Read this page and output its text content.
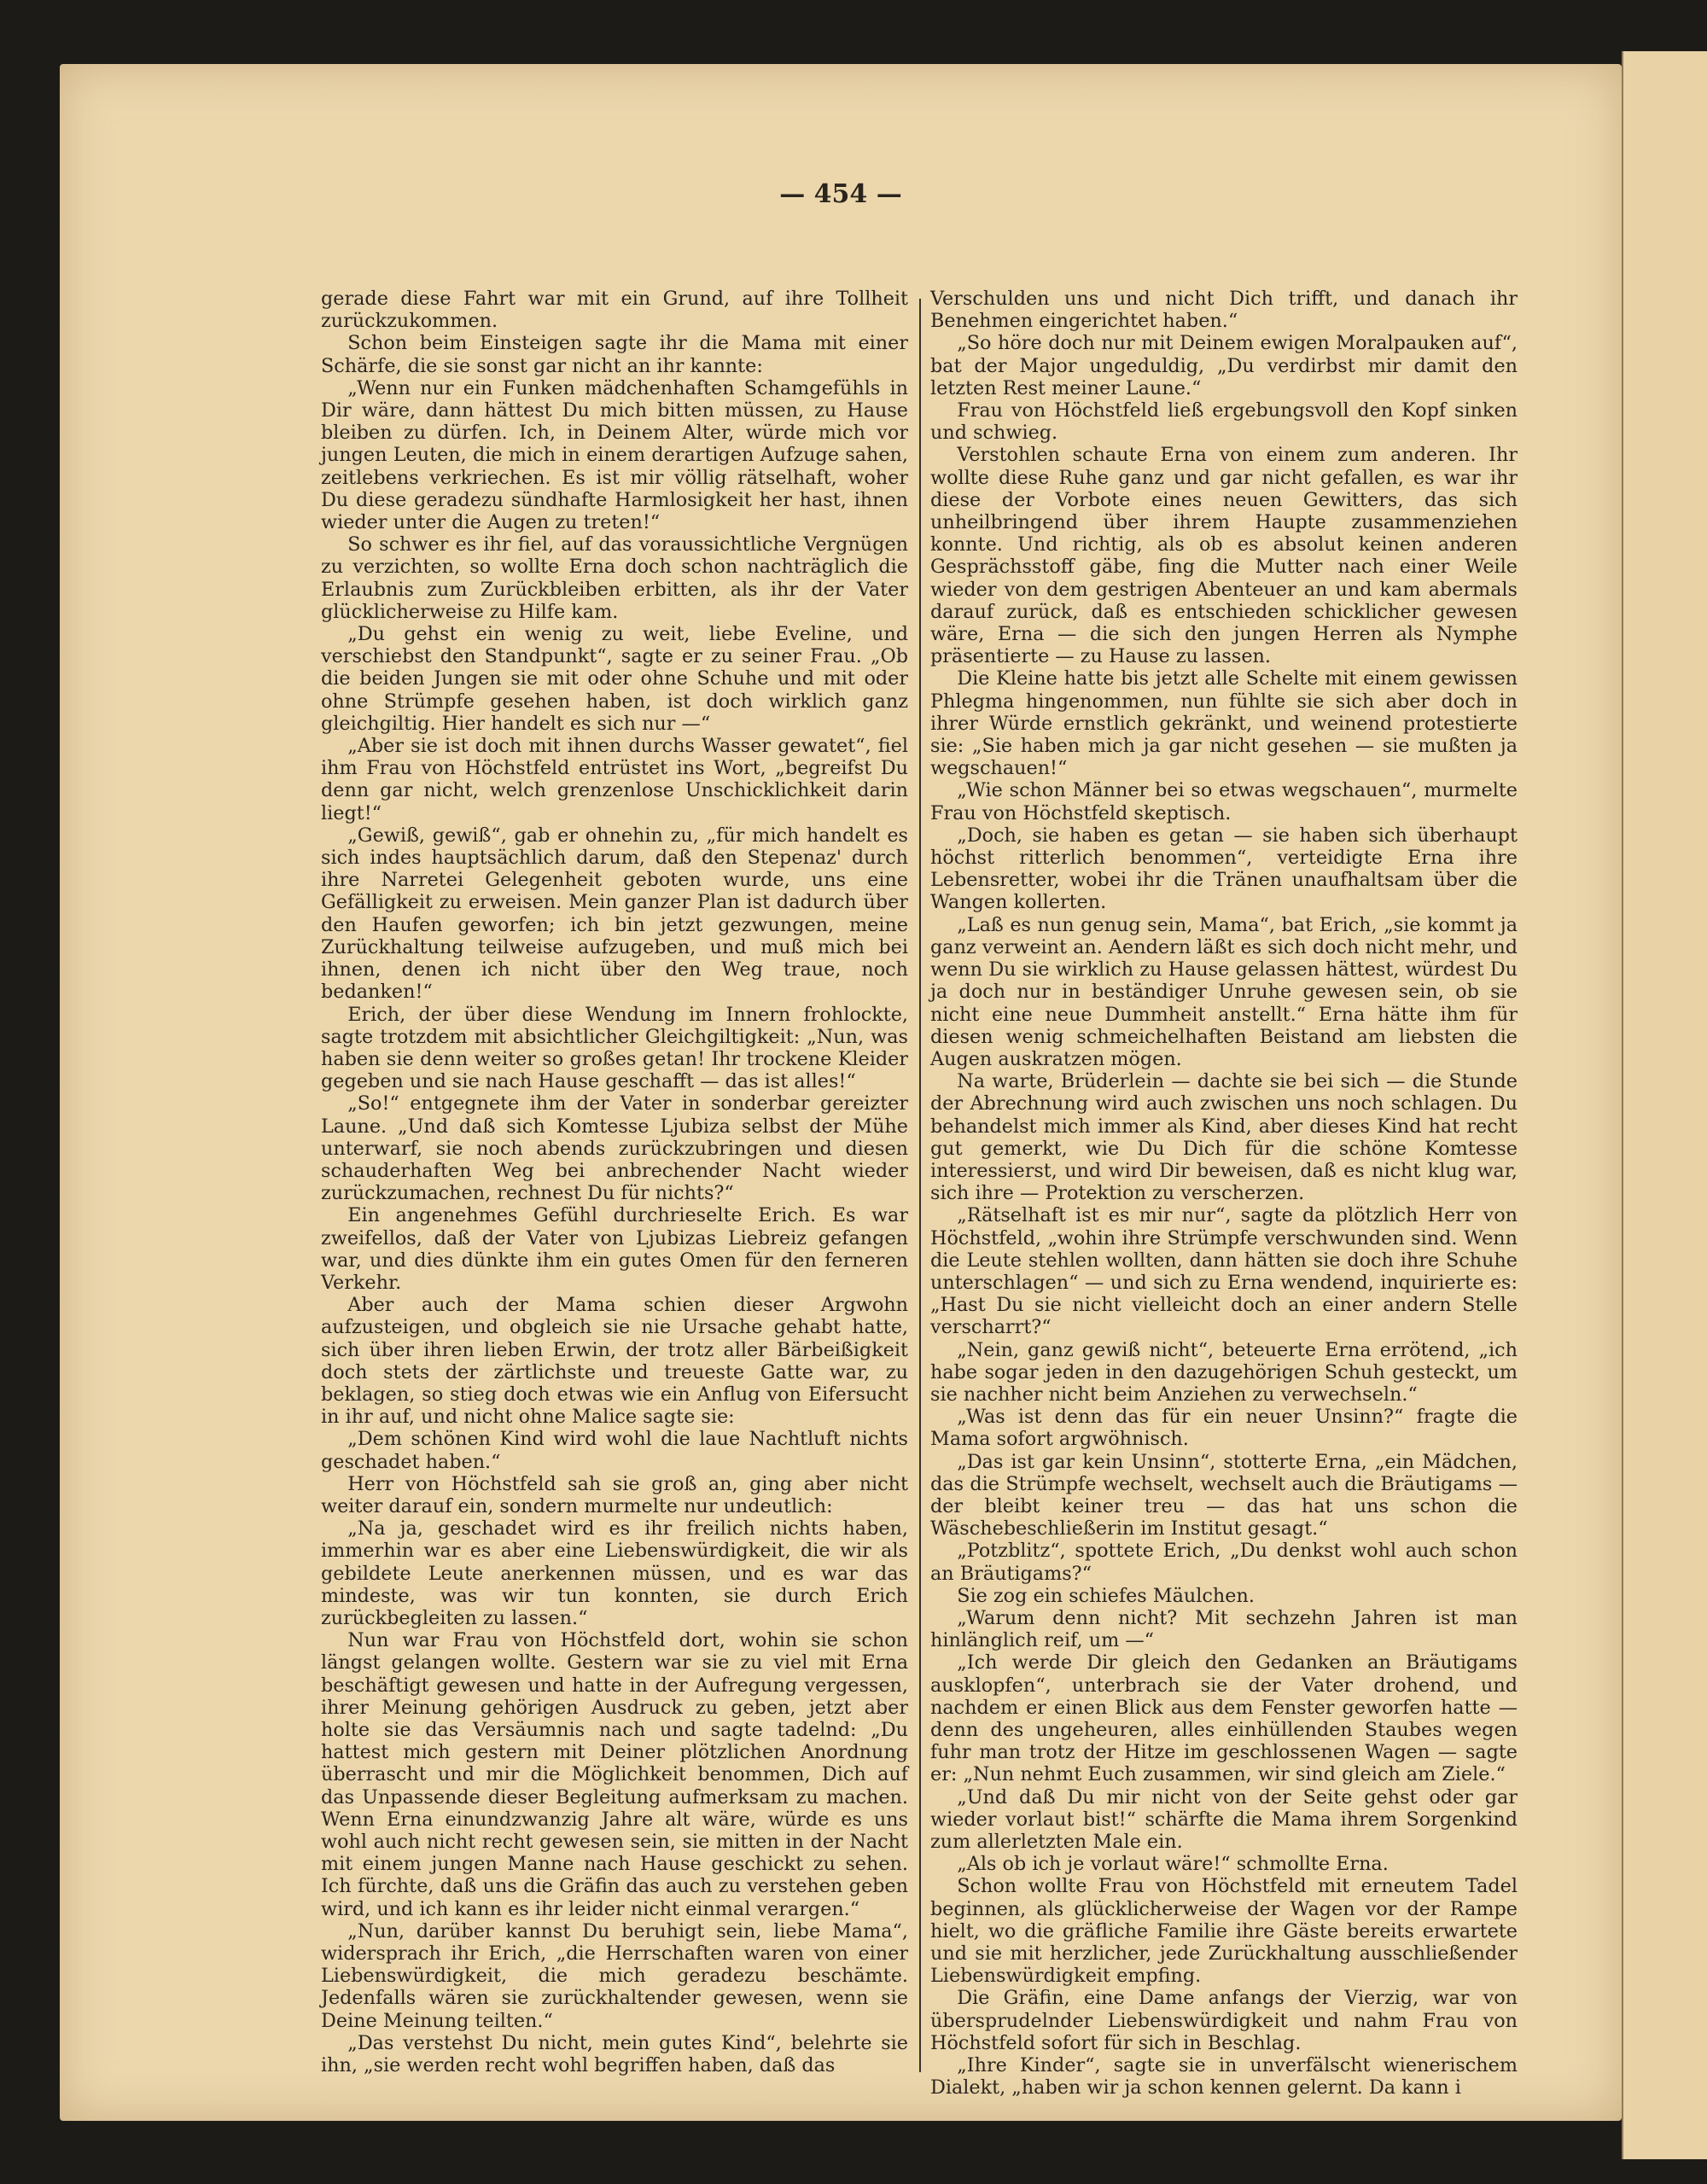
— 454 —

gerade diese Fahrt war mit ein Grund, auf ihre Tollheit zurückzukommen.

Schon beim Einsteigen sagte ihr die Mama mit einer Schärfe, die sie sonst gar nicht an ihr kannte:

„Wenn nur ein Funken mädchenhaften Schamgefühls in Dir wäre, dann hättest Du mich bitten müssen, zu Hause bleiben zu dürfen. Ich, in Deinem Alter, würde mich vor jungen Leuten, die mich in einem derartigen Aufzuge sahen, zeitlebens verkriechen. Es ist mir völlig rätselhaft, woher Du diese geradezu sündhafte Harmlosigkeit her hast, ihnen wieder unter die Augen zu treten!“

So schwer es ihr fiel, auf das voraussichtliche Vergnügen zu verzichten, so wollte Erna doch schon nachträglich die Erlaubnis zum Zurückbleiben erbitten, als ihr der Vater glücklicherweise zu Hilfe kam.

„Du gehst ein wenig zu weit, liebe Eveline, und verschiebst den Standpunkt“, sagte er zu seiner Frau. „Ob die beiden Jungen sie mit oder ohne Schuhe und mit oder ohne Strümpfe gesehen haben, ist doch wirklich ganz gleichgiltig. Hier handelt es sich nur —“

„Aber sie ist doch mit ihnen durchs Wasser gewatet“, fiel ihm Frau von Höchstfeld entrüstet ins Wort, „begreifst Du denn gar nicht, welch grenzenlose Unschicklichkeit darin liegt!“

„Gewiß, gewiß“, gab er ohnehin zu, „für mich handelt es sich indes hauptsächlich darum, daß den Stepenaz' durch ihre Narretei Gelegenheit geboten wurde, uns eine Gefälligkeit zu erweisen. Mein ganzer Plan ist dadurch über den Haufen geworfen; ich bin jetzt gezwungen, meine Zurückhaltung teilweise aufzugeben, und muß mich bei ihnen, denen ich nicht über den Weg traue, noch bedanken!“

Erich, der über diese Wendung im Innern frohlockte, sagte trotzdem mit absichtlicher Gleichgiltigkeit: „Nun, was haben sie denn weiter so großes getan! Ihr trockene Kleider gegeben und sie nach Hause geschafft — das ist alles!“

„So!“ entgegnete ihm der Vater in sonderbar gereizter Laune. „Und daß sich Komtesse Ljubiza selbst der Mühe unterwarf, sie noch abends zurückzubringen und diesen schauderhaften Weg bei anbrechender Nacht wieder zurückzumachen, rechnest Du für nichts?“

Ein angenehmes Gefühl durchrieselte Erich. Es war zweifellos, daß der Vater von Ljubizas Liebreiz gefangen war, und dies dünkte ihm ein gutes Omen für den ferneren Verkehr.

Aber auch der Mama schien dieser Argwohn aufzusteigen, und obgleich sie nie Ursache gehabt hatte, sich über ihren lieben Erwin, der trotz aller Bärbeißigkeit doch stets der zärtlichste und treueste Gatte war, zu beklagen, so stieg doch etwas wie ein Anflug von Eifersucht in ihr auf, und nicht ohne Malice sagte sie:

„Dem schönen Kind wird wohl die laue Nachtluft nichts geschadet haben.“

Herr von Höchstfeld sah sie groß an, ging aber nicht weiter darauf ein, sondern murmelte nur undeutlich:

„Na ja, geschadet wird es ihr freilich nichts haben, immerhin war es aber eine Liebenswürdigkeit, die wir als gebildete Leute anerkennen müssen, und es war das mindeste, was wir tun konnten, sie durch Erich zurückbegleiten zu lassen.“

Nun war Frau von Höchstfeld dort, wohin sie schon längst gelangen wollte. Gestern war sie zu viel mit Erna beschäftigt gewesen und hatte in der Aufregung vergessen, ihrer Meinung gehörigen Ausdruck zu geben, jetzt aber holte sie das Versäumnis nach und sagte tadelnd: „Du hattest mich gestern mit Deiner plötzlichen Anordnung überrascht und mir die Möglichkeit benommen, Dich auf das Unpassende dieser Begleitung aufmerksam zu machen. Wenn Erna einundzwanzig Jahre alt wäre, würde es uns wohl auch nicht recht gewesen sein, sie mitten in der Nacht mit einem jungen Manne nach Hause geschickt zu sehen. Ich fürchte, daß uns die Gräfin das auch zu verstehen geben wird, und ich kann es ihr leider nicht einmal verargen.“

„Nun, darüber kannst Du beruhigt sein, liebe Mama“, widersprach ihr Erich, „die Herrschaften waren von einer Liebenswürdigkeit, die mich geradezu beschämte. Jedenfalls wären sie zurückhaltender gewesen, wenn sie Deine Meinung teilten.“

„Das verstehst Du nicht, mein gutes Kind“, belehrte sie ihn, „sie werden recht wohl begriffen haben, daß das

Verschulden uns und nicht Dich trifft, und danach ihr Benehmen eingerichtet haben.“

„So höre doch nur mit Deinem ewigen Moralpauken auf“, bat der Major ungeduldig, „Du verdirbst mir damit den letzten Rest meiner Laune.“

Frau von Höchstfeld ließ ergebungsvoll den Kopf sinken und schwieg.

Verstohlen schaute Erna von einem zum anderen. Ihr wollte diese Ruhe ganz und gar nicht gefallen, es war ihr diese der Vorbote eines neuen Gewitters, das sich unheilbringend über ihrem Haupte zusammenziehen konnte. Und richtig, als ob es absolut keinen anderen Gesprächsstoff gäbe, fing die Mutter nach einer Weile wieder von dem gestrigen Abenteuer an und kam abermals darauf zurück, daß es entschieden schicklicher gewesen wäre, Erna — die sich den jungen Herren als Nymphe präsentierte — zu Hause zu lassen.

Die Kleine hatte bis jetzt alle Schelte mit einem gewissen Phlegma hingenommen, nun fühlte sie sich aber doch in ihrer Würde ernstlich gekränkt, und weinend protestierte sie: „Sie haben mich ja gar nicht gesehen — sie mußten ja wegschauen!“

„Wie schon Männer bei so etwas wegschauen“, murmelte Frau von Höchstfeld skeptisch.

„Doch, sie haben es getan — sie haben sich überhaupt höchst ritterlich benommen“, verteidigte Erna ihre Lebensretter, wobei ihr die Tränen unaufhaltsam über die Wangen kollerten.

„Laß es nun genug sein, Mama“, bat Erich, „sie kommt ja ganz verweint an. Aendern läßt es sich doch nicht mehr, und wenn Du sie wirklich zu Hause gelassen hättest, würdest Du ja doch nur in beständiger Unruhe gewesen sein, ob sie nicht eine neue Dummheit anstellt.“ Erna hätte ihm für diesen wenig schmeichelhaften Beistand am liebsten die Augen auskratzen mögen.

Na warte, Brüderlein — dachte sie bei sich — die Stunde der Abrechnung wird auch zwischen uns noch schlagen. Du behandelst mich immer als Kind, aber dieses Kind hat recht gut gemerkt, wie Du Dich für die schöne Komtesse interessierst, und wird Dir beweisen, daß es nicht klug war, sich ihre — Protektion zu verscherzen.

„Rätselhaft ist es mir nur“, sagte da plötzlich Herr von Höchstfeld, „wohin ihre Strümpfe verschwunden sind. Wenn die Leute stehlen wollten, dann hätten sie doch ihre Schuhe unterschlagen“ — und sich zu Erna wendend, inquirierte es: „Hast Du sie nicht vielleicht doch an einer andern Stelle verscharrt?“

„Nein, ganz gewiß nicht“, beteuerte Erna errötend, „ich habe sogar jeden in den dazugehörigen Schuh gesteckt, um sie nachher nicht beim Anziehen zu verwechseln.“

„Was ist denn das für ein neuer Unsinn?“ fragte die Mama sofort argwöhnisch.

„Das ist gar kein Unsinn“, stotterte Erna, „ein Mädchen, das die Strümpfe wechselt, wechselt auch die Bräutigams — der bleibt keiner treu — das hat uns schon die Wäschebeschließerin im Institut gesagt.“

„Potzblitz“, spottete Erich, „Du denkst wohl auch schon an Bräutigams?“

Sie zog ein schiefes Mäulchen.

„Warum denn nicht? Mit sechzehn Jahren ist man hinlänglich reif, um —“

„Ich werde Dir gleich den Gedanken an Bräutigams ausklopfen“, unterbrach sie der Vater drohend, und nachdem er einen Blick aus dem Fenster geworfen hatte — denn des ungeheuren, alles einhüllenden Staubes wegen fuhr man trotz der Hitze im geschlossenen Wagen — sagte er: „Nun nehmt Euch zusammen, wir sind gleich am Ziele.“

„Und daß Du mir nicht von der Seite gehst oder gar wieder vorlaut bist!“ schärfte die Mama ihrem Sorgenkind zum allerletzten Male ein.

„Als ob ich je vorlaut wäre!“ schmollte Erna.

Schon wollte Frau von Höchstfeld mit erneutem Tadel beginnen, als glücklicherweise der Wagen vor der Rampe hielt, wo die gräfliche Familie ihre Gäste bereits erwartete und sie mit herzlicher, jede Zurückhaltung ausschließender Liebenswürdigkeit empfing.

Die Gräfin, eine Dame anfangs der Vierzig, war von übersprudelnder Liebenswürdigkeit und nahm Frau von Höchstfeld sofort für sich in Beschlag.

„Ihre Kinder“, sagte sie in unverfälscht wienerischem Dialekt, „haben wir ja schon kennen gelernt. Da kann i
